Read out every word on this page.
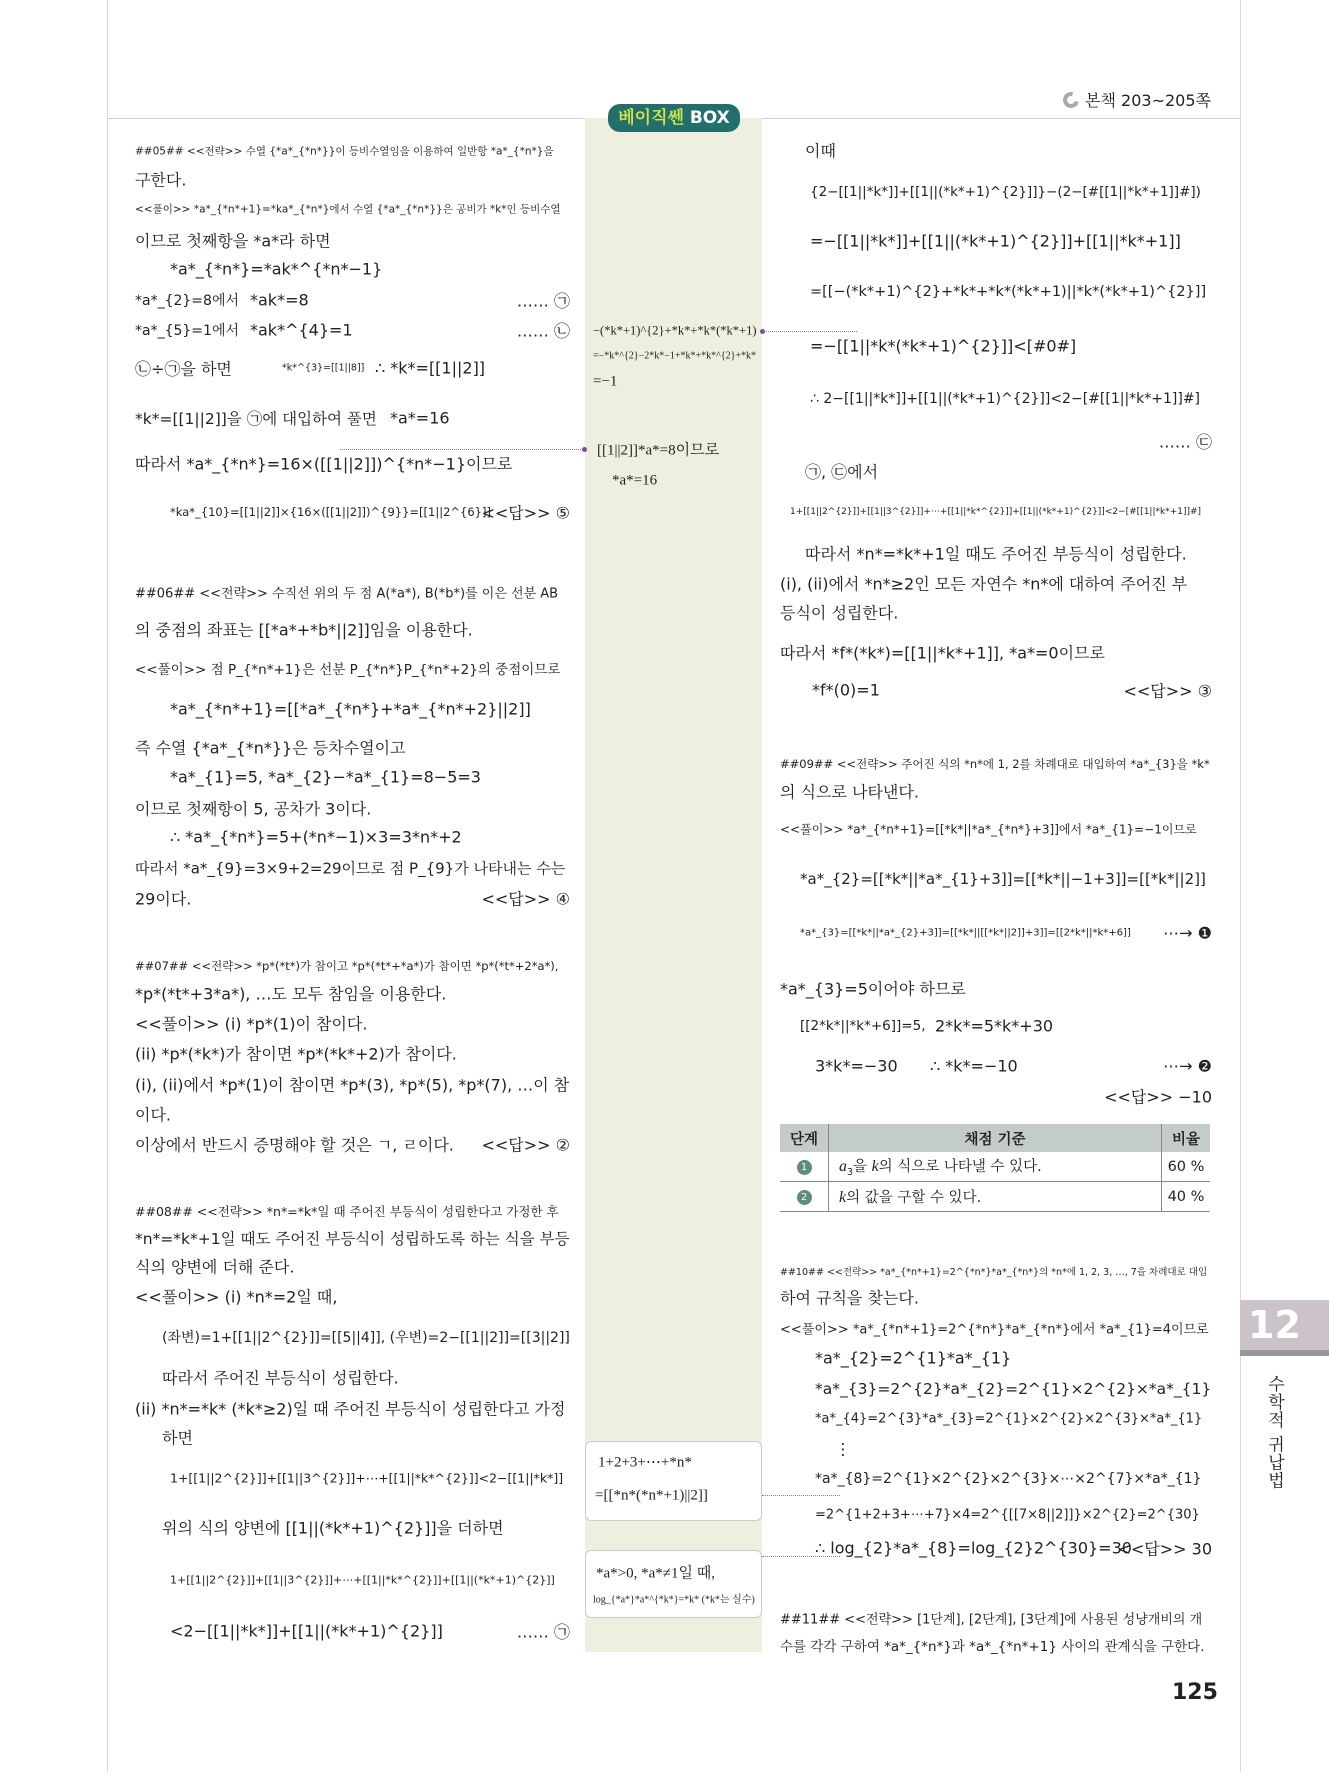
본책 203~205쪽
베이직쎈 BOX
##05## <<전략>> 수열 {*a*_{*n*}}이 등비수열임을 이용하여 일반항 *a*_{*n*}을
구한다.
<<풀이>> *a*_{*n*+1}=*ka*_{*n*}에서 수열 {*a*_{*n*}}은 공비가 *k*인 등비수열
이므로 첫째항을 *a*라 하면
*a*_{*n*}=*ak*^{*n*−1}
*a*_{2}=8에서 *ak*=8	…… ㉠
*a*_{5}=1에서 *ak*^{4}=1	…… ㉡
㉡÷㉠을 하면	*k*^{3}=[[1||8]] ∴ *k*=[[1||2]]
*k*=[[1||2]]을 ㉠에 대입하여 풀면 *a*=16
따라서 *a*_{*n*}=16×([[1||2]])^{*n*−1}이므로
*ka*_{10}=[[1||2]]×{16×([[1||2]])^{9}}=[[1||2^{6}]]
<<답>> ⑤
##06## <<전략>> 수직선 위의 두 점 A(*a*), B(*b*)를 이은 선분 AB
의 중점의 좌표는 [[*a*+*b*||2]]임을 이용한다.
<<풀이>> 점 P_{*n*+1}은 선분 P_{*n*}P_{*n*+2}의 중점이므로
*a*_{*n*+1}=[[*a*_{*n*}+*a*_{*n*+2}||2]]
즉 수열 {*a*_{*n*}}은 등차수열이고
*a*_{1}=5, *a*_{2}−*a*_{1}=8−5=3
이므로 첫째항이 5, 공차가 3이다.
∴ *a*_{*n*}=5+(*n*−1)×3=3*n*+2
따라서 *a*_{9}=3×9+2=29이므로 점 P_{9}가 나타내는 수는
29이다.	<<답>> ④
##07## <<전략>> *p*(*t*)가 참이고 *p*(*t*+*a*)가 참이면 *p*(*t*+2*a*),
*p*(*t*+3*a*), …도 모두 참임을 이용한다.
<<풀이>> (i) *p*(1)이 참이다.
(ii) *p*(*k*)가 참이면 *p*(*k*+2)가 참이다.
(i), (ii)에서 *p*(1)이 참이면 *p*(3), *p*(5), *p*(7), …이 참
이다.
이상에서 반드시 증명해야 할 것은 ㄱ, ㄹ이다. <<답>> ②
##08## <<전략>> *n*=*k*일 때 주어진 부등식이 성립한다고 가정한 후
*n*=*k*+1일 때도 주어진 부등식이 성립하도록 하는 식을 부등
식의 양변에 더해 준다.
<<풀이>> (i) *n*=2일 때,
(좌변)=1+[[1||2^{2}]]=[[5||4]], (우변)=2−[[1||2]]=[[3||2]]
따라서 주어진 부등식이 성립한다.
(ii) *n*=*k* (*k*≥2)일 때 주어진 부등식이 성립한다고 가정
하면
1+[[1||2^{2}]]+[[1||3^{2}]]+⋯+[[1||*k*^{2}]]<2−[[1||*k*]]
위의 식의 양변에 [[1||(*k*+1)^{2}]]을 더하면
1+[[1||2^{2}]]+[[1||3^{2}]]+⋯+[[1||*k*^{2}]]+[[1||(*k*+1)^{2}]]
<2−[[1||*k*]]+[[1||(*k*+1)^{2}]]	…… ㉠
이때
{2−[[1||*k*]]+[[1||(*k*+1)^{2}]]}−(2−[#[[1||*k*+1]]#])
=−[[1||*k*]]+[[1||(*k*+1)^{2}]]+[[1||*k*+1]]
=[[−(*k*+1)^{2}+*k*+*k*(*k*+1)||*k*(*k*+1)^{2}]]
=−[[1||*k*(*k*+1)^{2}]]<[#0#]
∴ 2−[[1||*k*]]+[[1||(*k*+1)^{2}]]<2−[#[[1||*k*+1]]#]
…… ㉢
㉠, ㉢에서
1+[[1||2^{2}]]+[[1||3^{2}]]+⋯+[[1||*k*^{2}]]+[[1||(*k*+1)^{2}]]<2−[#[[1||*k*+1]]#]
따라서 *n*=*k*+1일 때도 주어진 부등식이 성립한다.
(i), (ii)에서 *n*≥2인 모든 자연수 *n*에 대하여 주어진 부
등식이 성립한다.
따라서 *f*(*k*)=[[1||*k*+1]], *a*=0이므로
*f*(0)=1	<<답>> ③
##09## <<전략>> 주어진 식의 *n*에 1, 2를 차례대로 대입하여 *a*_{3}을 *k*
의 식으로 나타낸다.
<<풀이>> *a*_{*n*+1}=[[*k*||*a*_{*n*}+3]]에서 *a*_{1}=−1이므로
*a*_{2}=[[*k*||*a*_{1}+3]]=[[*k*||−1+3]]=[[*k*||2]]
*a*_{3}=[[*k*||*a*_{2}+3]]=[[*k*||[[*k*||2]]+3]]=[[2*k*||*k*+6]] ⋯→ ❶
*a*_{3}=5이어야 하므로
[[2*k*||*k*+6]]=5, 2*k*=5*k*+30
3*k*=−30 ∴ *k*=−10	⋯→ ❷
<<답>> −10
##10## <<전략>> *a*_{*n*+1}=2^{*n*}*a*_{*n*}의 *n*에 1, 2, 3, …, 7을 차례대로 대입
하여 규칙을 찾는다.
<<풀이>> *a*_{*n*+1}=2^{*n*}*a*_{*n*}에서 *a*_{1}=4이므로
*a*_{2}=2^{1}*a*_{1}
*a*_{3}=2^{2}*a*_{2}=2^{1}×2^{2}×*a*_{1}
*a*_{4}=2^{3}*a*_{3}=2^{1}×2^{2}×2^{3}×*a*_{1}
⋮
*a*_{8}=2^{1}×2^{2}×2^{3}×⋯×2^{7}×*a*_{1}
=2^{1+2+3+⋯+7}×4=2^{[[7×8||2]]}×2^{2}=2^{30}
∴ log_{2}*a*_{8}=log_{2}2^{30}=30
<<답>> 30
##11## <<전략>> [1단계], [2단계], [3단계]에 사용된 성냥개비의 개
수를 각각 구하여 *a*_{*n*}과 *a*_{*n*+1} 사이의 관계식을 구한다.
−(*k*+1)^{2}+*k*+*k*(*k*+1)
=−*k*^{2}−2*k*−1+*k*+*k*^{2}+*k*
=−1
[[1||2]]*a*=8이므로
*a*=16
1+2+3+⋯+*n*
=[[*n*(*n*+1)||2]]
*a*>0, *a*≠1일 때,
log_{*a*}*a*^{*k*}=*k* (*k*는 실수)
단계	채점 기준	비율
1	$a_3$을 k의 식으로 나타낼 수 있다.	60 %
2	k의 값을 구할 수 있다.	40 %
12
수학적 귀납법
125
